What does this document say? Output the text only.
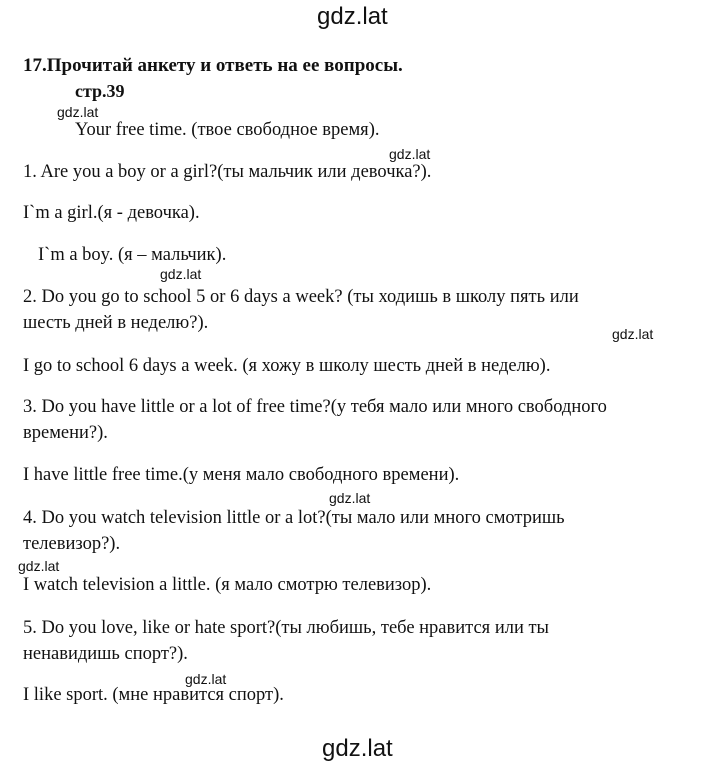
gdz.lat
gdz.lat
gdz.lat
gdz.lat
gdz.lat
gdz.lat
gdz.lat
gdz.lat
gdz.lat
17.Прочитай анкету и ответь на ее вопросы.
стр.39
Your free time. (твое свободное время).
1. Are you a boy or a girl?(ты мальчик или девочка?).
I`m a girl.(я - девочка).
I`m a boy. (я – мальчик).
2. Do you go to school 5 or 6 days a week? (ты ходишь в школу пять или
шесть дней в неделю?).
I go to school 6 days a week. (я хожу в школу шесть дней в неделю).
3. Do you have little or a lot of free time?(у тебя мало или много свободного
времени?).
I have little free time.(у меня мало свободного времени).
4. Do you watch television little or a lot?(ты мало или много смотришь
телевизор?).
I watch television a little. (я мало смотрю телевизор).
5. Do you love, like or hate sport?(ты любишь, тебе нравится или ты
ненавидишь спорт?).
I like sport. (мне нравится спорт).
